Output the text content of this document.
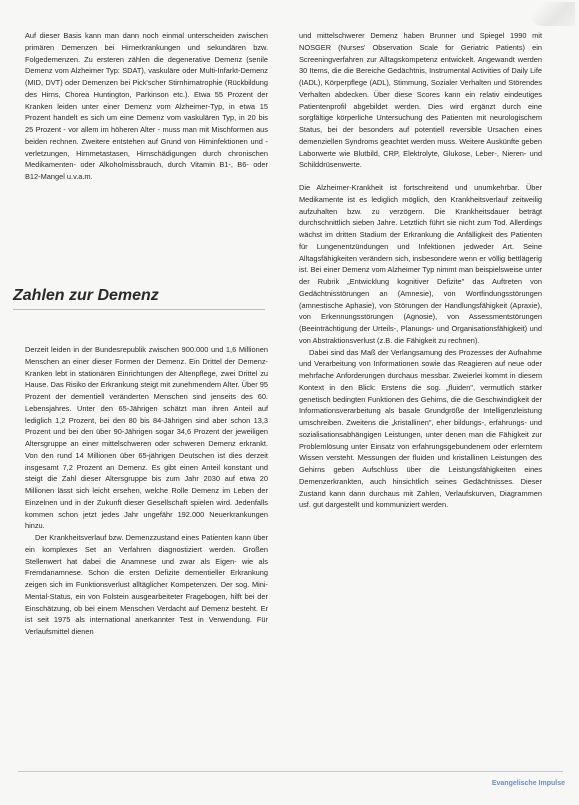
Auf dieser Basis kann man dann noch einmal unterscheiden zwischen primären Demenzen bei Hirnerkrankungen und sekundären bzw. Folgedemenzen. Zu ersteren zählen die degenerative Demenz (senile Demenz vom Alzheimer Typ: SDAT), vaskuläre oder Multi-Infarkt-Demenz (MID, DVT) oder Demenzen bei Pick'scher Stirnhirnatrophie (Rückbildung des Hirns, Chorea Huntington, Parkinson etc.). Etwa 55 Prozent der Kranken leiden unter einer Demenz vom Alzheimer-Typ, in etwa 15 Prozent handelt es sich um eine Demenz vom vaskulären Typ, in 20 bis 25 Prozent - vor allem im höheren Alter - muss man mit Mischformen aus beiden rechnen. Zweitere entstehen auf Grund von Hirninfektionen und -verletzungen, Hirnmetastasen, Hirnschädigungen durch chronischen Medikamenten- oder Alkoholmissbrauch, durch Vitamin B1-, B6- oder B12-Mangel u.v.a.m.

Zahlen zur Demenz

Derzeit leiden in der Bundesrepublik zwischen 900.000 und 1,6 Millionen Menschen an einer dieser Formen der Demenz. Ein Drittel der Demenz-Kranken lebt in stationären Einrichtungen der Altenpflege, zwei Drittel zu Hause. Das Risiko der Erkrankung steigt mit zunehmendem Alter. Über 95 Prozent der dementiell veränderten Menschen sind jenseits des 60. Lebensjahres. Unter den 65-Jährigen schätzt man ihren Anteil auf lediglich 1,2 Prozent, bei den 80 bis 84-Jährigen sind aber schon 13,3 Prozent und bei den über 90-Jährigen sogar 34,6 Prozent der jeweiligen Altersgruppe an einer mittelschweren oder schweren Demenz erkrankt. Von den rund 14 Millionen über 65-jährigen Deutschen ist dies derzeit insgesamt 7,2 Prozent an Demenz. Es gibt einen Anteil konstant und steigt die Zahl dieser Altersgruppe bis zum Jahr 2030 auf etwa 20 Millionen lässt sich leicht ersehen, welche Rolle Demenz im Leben der Einzelnen und in der Zukunft dieser Gesellschaft spielen wird. Jedenfalls kommen schon jetzt jedes Jahr ungefähr 192.000 Neuerkrankungen hinzu.

Der Krankheitsverlauf bzw. Demenzzustand eines Patienten kann über ein komplexes Set an Verfahren diagnostiziert werden. Großen Stellenwert hat dabei die Anamnese und zwar als Eigen- wie als Fremdanamnese. Schon die ersten Defizite dementieller Erkrankung zeigen sich im Funktionsverlust alltäglicher Kompetenzen. Der sog. Mini-Mental-Status, ein von Folstein ausgearbeiteter Fragebogen, hilft bei der Einschätzung, ob bei einem Menschen Verdacht auf Demenz besteht. Er ist seit 1975 als international anerkannter Test in Verwendung. Für Verlaufsmittel dienen

und mittelschwerer Demenz haben Brunner und Spiegel 1990 mit NOSGER (Nurses' Observation Scale for Geriatric Patients) ein Screeningverfahren zur Alltagskompetenz entwickelt. Angewandt werden 30 Items, die die Bereiche Gedächtnis, Instrumental Activities of Daily Life (IADL), Körperpflege (ADL), Stimmung, Sozialer Verhalten und Störendes Verhalten abdecken. Über diese Scores kann ein relativ eindeutiges Patientenprofil abgebildet werden. Dies wird ergänzt durch eine sorgfältige körperliche Untersuchung des Patienten mit neurologischem Status, bei der besonders auf potentiell reversible Ursachen eines demenziellen Syndroms geachtet werden muss. Weitere Auskünfte geben Laborwerte wie Blutbild, CRP, Elektrolyte, Glukose, Leber-, Nieren- und Schilddrüsenwerte.

Die Alzheimer-Krankheit ist fortschreitend und unumkehrbar. Über Medikamente ist es lediglich möglich, den Krankheitsverlauf zeitweilig aufzuhalten bzw. zu verzögern. Die Krankheitsdauer beträgt durchschnittlich sieben Jahre. Letztlich führt sie nicht zum Tod. Allerdings wächst im dritten Stadium der Erkrankung die Anfälligkeit des Patienten für Lungenentzündungen und Infektionen jedweder Art. Seine Alltagsfähigkeiten verändern sich, insbesondere wenn er völlig bettlägerig ist. Bei einer Demenz vom Alzheimer Typ nimmt man beispielsweise unter der Rubrik „Entwicklung kognitiver Defizite" das Auftreten von Gedächtnisstörungen an (Amnesie), von Wortfindungsstörungen (amnestische Aphasie), von Störungen der Handlungsfähigkeit (Apraxie), von Erkennungsstörungen (Agnosie), von Assessmentstörungen (Beeinträchtigung der Urteils-, Planungs- und Organisationsfähigkeit) und von Abstraktionsverlust (z.B. die Fähigkeit zu rechnen).

Dabei sind das Maß der Verlangsamung des Prozesses der Aufnahme und Verarbeitung von Informationen sowie das Reagieren auf neue oder mehrfache Anforderungen durchaus messbar. Zweierlei kommt in diesem Kontext in den Blick: Erstens die sog. „fluiden", vermutlich stärker genetisch bedingten Funktionen des Gehirns, die die Geschwindigkeit der Informationsverarbeitung als basale Grundgröße der Intelligenzleistung umschreiben. Zweitens die „kristallinen", eher bildungs-, erfahrungs- und sozialisationsabhängigen Leistungen, unter denen man die Fähigkeit zur Problemlösung unter Einsatz von erfahrungsgebundenem oder erlerntem Wissen versteht. Messungen der fluiden und kristallinen Leistungen des Gehirns geben Aufschluss über die Leistungsfähigkeiten eines Demenzerkrankten, auch hinsichtlich seines Gedächtnisses. Dieser Zustand kann dann durchaus mit Zahlen, Verlaufskurven, Diagrammen usf. gut dargestellt und kommuniziert werden.

Evangelische Impulse
